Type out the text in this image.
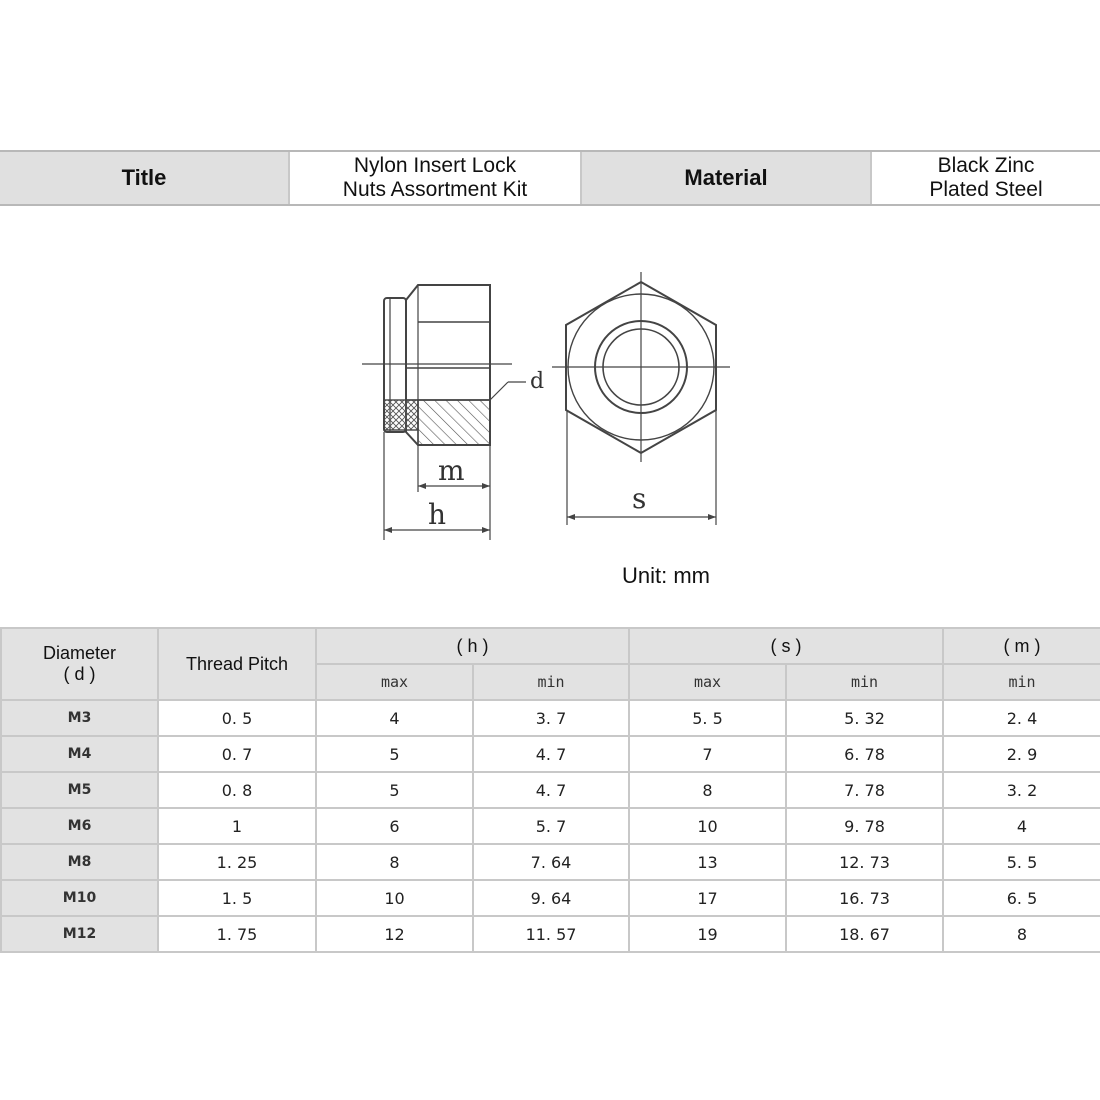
Title	Nylon Insert Lock
Nuts Assortment Kit	Material	Black Zinc
Plated Steel
d
m
h	s
Unit: mm
Diameter
( d )	Thread Pitch	( h )		( s )		( m )
		max	min	max	min	min
M3	0. 5	4	3. 7	5. 5	5. 32	2. 4
M4	0. 7	5	4. 7	7	6. 78	2. 9
M5	0. 8	5	4. 7	8	7. 78	3. 2
M6	1	6	5. 7	10	9. 78	4
M8	1. 25	8	7. 64	13	12. 73	5. 5
M10	1. 5	10	9. 64	17	16. 73	6. 5
M12	1. 75	12	11. 57	19	18. 67	8
